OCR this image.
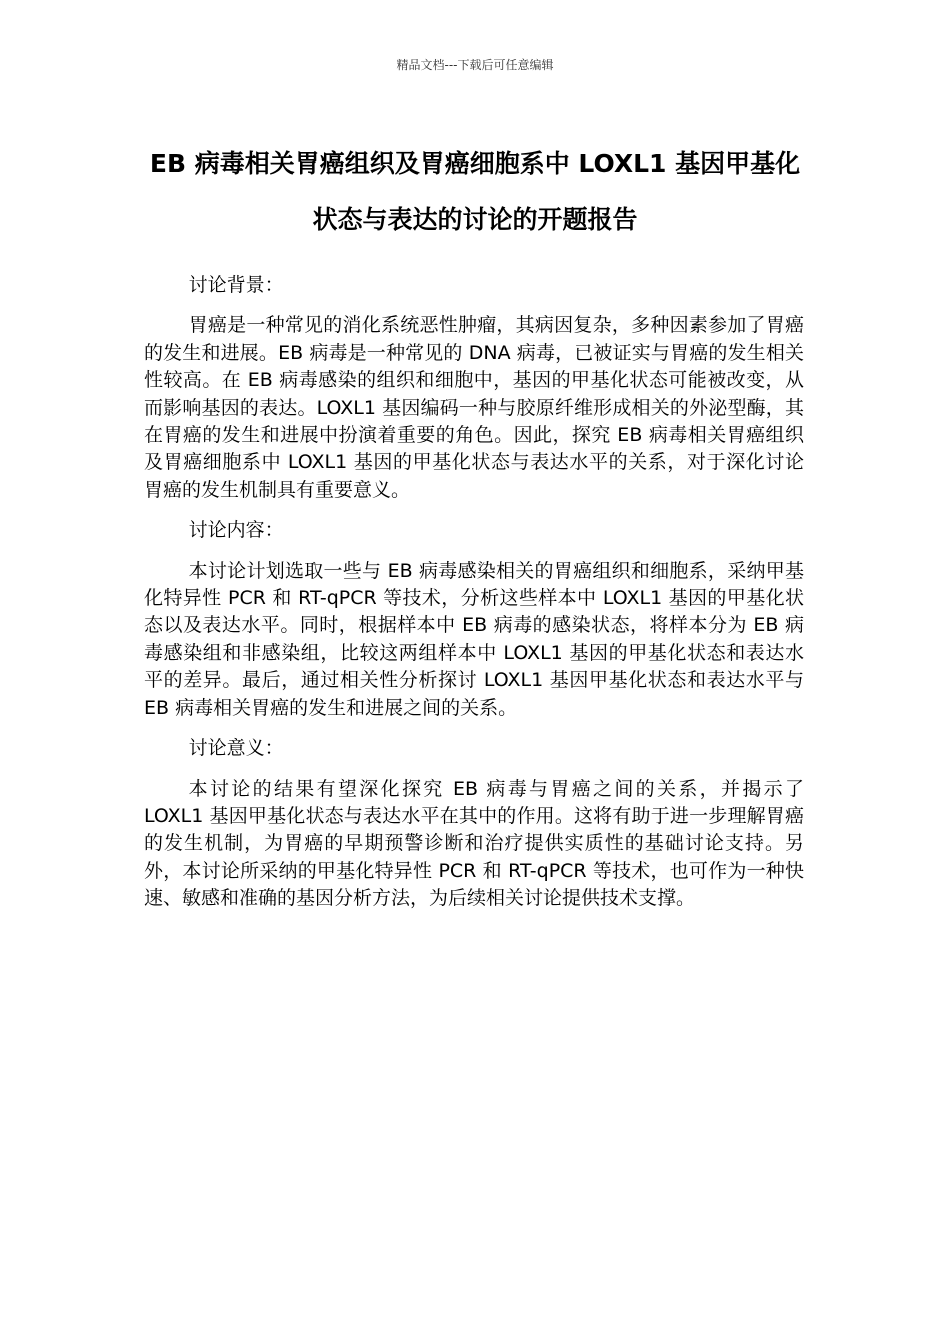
精品文档---下载后可任意编辑
EB 病毒相关胃癌组织及胃癌细胞系中 LOXL1 基因甲基化状态与表达的讨论的开题报告

讨论背景：

胃癌是一种常见的消化系统恶性肿瘤，其病因复杂，多种因素参加了胃癌的发生和进展。EB 病毒是一种常见的 DNA 病毒，已被证实与胃癌的发生相关性较高。在 EB 病毒感染的组织和细胞中，基因的甲基化状态可能被改变，从而影响基因的表达。LOXL1 基因编码一种与胶原纤维形成相关的外泌型酶，其在胃癌的发生和进展中扮演着重要的角色。因此，探究 EB 病毒相关胃癌组织及胃癌细胞系中 LOXL1 基因的甲基化状态与表达水平的关系，对于深化讨论胃癌的发生机制具有重要意义。

讨论内容：

本讨论计划选取一些与 EB 病毒感染相关的胃癌组织和细胞系，采纳甲基化特异性 PCR 和 RT-qPCR 等技术，分析这些样本中 LOXL1 基因的甲基化状态以及表达水平。同时，根据样本中 EB 病毒的感染状态，将样本分为 EB 病毒感染组和非感染组，比较这两组样本中 LOXL1 基因的甲基化状态和表达水平的差异。最后，通过相关性分析探讨 LOXL1 基因甲基化状态和表达水平与 EB 病毒相关胃癌的发生和进展之间的关系。

讨论意义：

本讨论的结果有望深化探究 EB 病毒与胃癌之间的关系，并揭示了 LOXL1 基因甲基化状态与表达水平在其中的作用。这将有助于进一步理解胃癌的发生机制，为胃癌的早期预警诊断和治疗提供实质性的基础讨论支持。另外，本讨论所采纳的甲基化特异性 PCR 和 RT-qPCR 等技术，也可作为一种快速、敏感和准确的基因分析方法，为后续相关讨论提供技术支撑。
